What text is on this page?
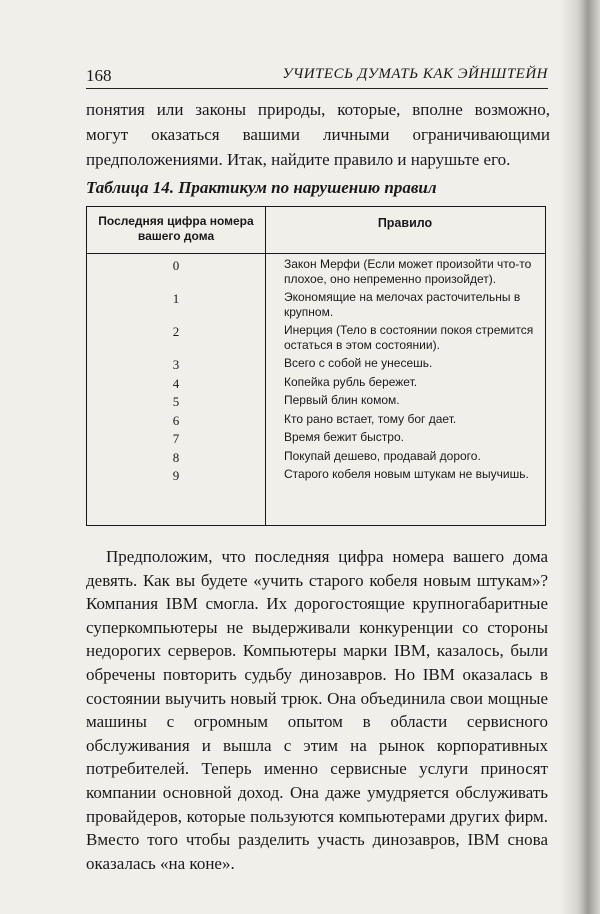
168	УЧИТЕСЬ ДУМАТЬ КАК ЭЙНШТЕЙН

понятия или законы природы, которые, вполне возможно, могут оказаться вашими личными ограничивающими предположениями. Итак, найдите правило и нарушьте его.

Таблица 14. Практикум по нарушению правил
Последняя цифра номера вашего дома
Правило
0	Закон Мерфи (Если может произойти что-то плохое, оно непременно произойдет).
1	Экономящие на мелочах расточительны в крупном.
2	Инерция (Тело в состоянии покоя стремится остаться в этом состоянии).
3	Всего с собой не унесешь.
4	Копейка рубль бережет.
5	Первый блин комом.
6	Кто рано встает, тому бог дает.
7	Время бежит быстро.
8	Покупай дешево, продавай дорого.
9	Старого кобеля новым штукам не выучишь.

Предположим, что последняя цифра номера вашего дома девять. Как вы будете «учить старого кобеля новым штукам»? Компания IBM смогла. Их дорогостоящие крупногабаритные суперкомпьютеры не выдерживали конкуренции со стороны недорогих серверов. Компьютеры марки IBM, казалось, были обречены повторить судьбу динозавров. Но IBM оказалась в состоянии выучить новый трюк. Она объединила свои мощные машины с огромным опытом в области сервисного обслуживания и вышла с этим на рынок корпоративных потребителей. Теперь именно сервисные услуги приносят компании основной доход. Она даже умудряется обслуживать провайдеров, которые пользуются компьютерами других фирм. Вместо того чтобы разделить участь динозавров, IBM снова оказалась «на коне».
